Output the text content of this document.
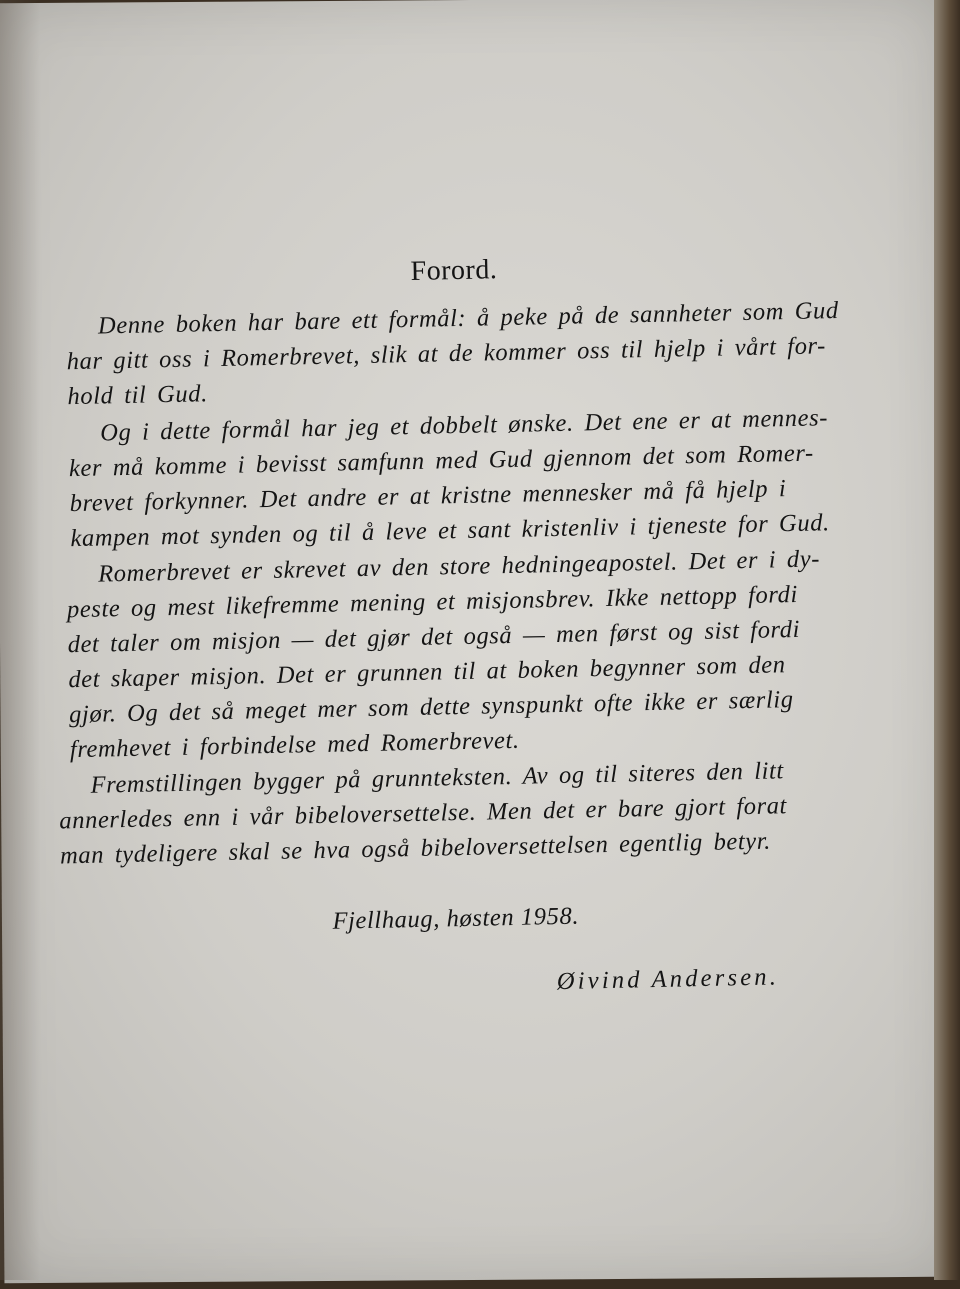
Forord.
Denne boken har bare ett formål: å peke på de sannheter som Gud
har gitt oss i Romerbrevet, slik at de kommer oss til hjelp i vårt for-
hold til Gud.
Og i dette formål har jeg et dobbelt ønske. Det ene er at mennes-
ker må komme i bevisst samfunn med Gud gjennom det som Romer-
brevet forkynner. Det andre er at kristne mennesker må få hjelp i
kampen mot synden og til å leve et sant kristenliv i tjeneste for Gud.
Romerbrevet er skrevet av den store hedningeapostel. Det er i dy-
peste og mest likefremme mening et misjonsbrev. Ikke nettopp fordi
det taler om misjon — det gjør det også — men først og sist fordi
det skaper misjon. Det er grunnen til at boken begynner som den
gjør. Og det så meget mer som dette synspunkt ofte ikke er særlig
fremhevet i forbindelse med Romerbrevet.
Fremstillingen bygger på grunnteksten. Av og til siteres den litt
annerledes enn i vår bibeloversettelse. Men det er bare gjort forat
man tydeligere skal se hva også bibeloversettelsen egentlig betyr.
Fjellhaug, høsten 1958.
Øivind Andersen.
